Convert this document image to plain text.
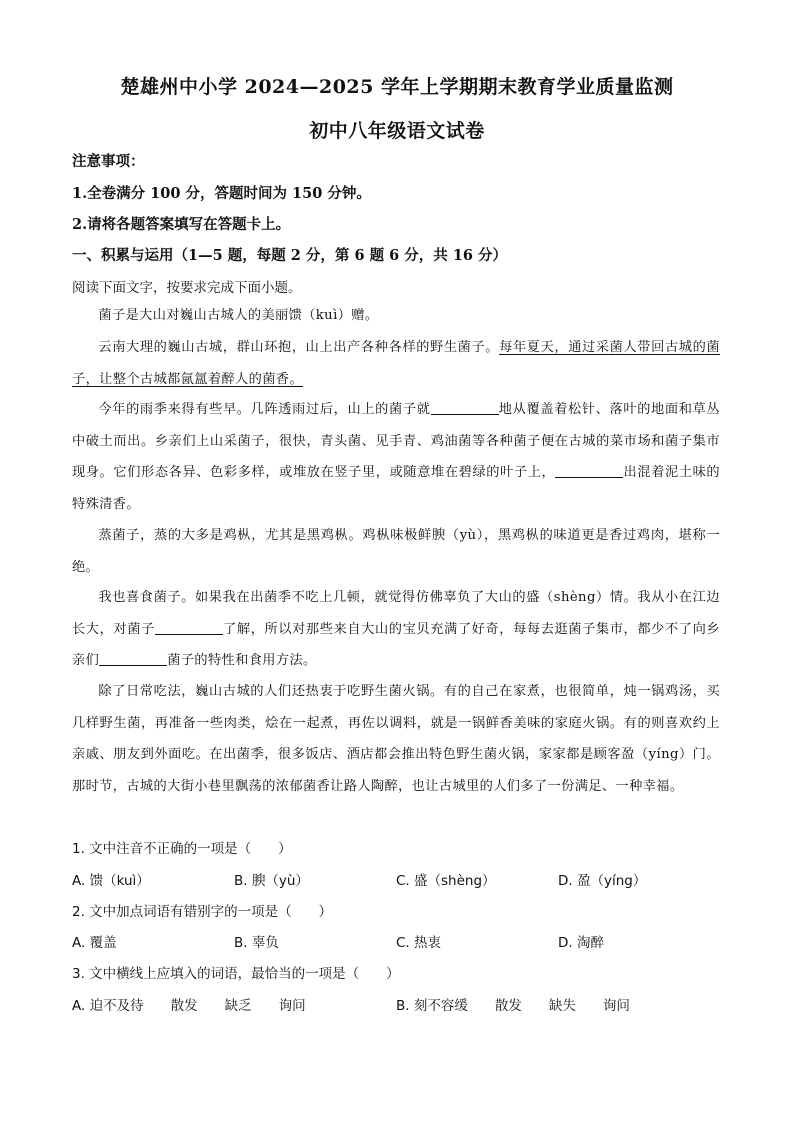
楚雄州中小学 2024—2025 学年上学期期末教育学业质量监测
初中八年级语文试卷
注意事项：
1.全卷满分 100 分，答题时间为 150 分钟。
2.请将各题答案填写在答题卡上。
一、积累与运用（1—5 题，每题 2 分，第 6 题 6 分，共 16 分）
阅读下面文字，按要求完成下面小题。
菌子是大山对巍山古城人的美丽馈（kuì）赠。
云南大理的巍山古城，群山环抱，山上出产各种各样的野生菌子。每年夏天，通过采菌人带回古城的菌子，让整个古城都氤氲着醉人的菌香。
今年的雨季来得有些早。几阵透雨过后，山上的菌子就	地从覆盖着松针、落叶的地面和草丛中破土而出。乡亲们上山采菌子，很快，青头菌、见手青、鸡油菌等各种菌子便在古城的菜市场和菌子集市现身。它们形态各异、色彩多样，或堆放在竖子里，或随意堆在碧绿的叶子上，	出混着泥土味的特殊清香。
蒸菌子，蒸的大多是鸡枞，尤其是黑鸡枞。鸡枞味极鲜腴（yù），黑鸡枞的味道更是香过鸡肉，堪称一绝。
我也喜食菌子。如果我在出菌季不吃上几顿，就觉得仿佛辜负了大山的盛（shèng）情。我从小在江边长大，对菌子	了解，所以对那些来自大山的宝贝充满了好奇，每每去逛菌子集市，都少不了向乡亲们	菌子的特性和食用方法。
除了日常吃法，巍山古城的人们还热衷于吃野生菌火锅。有的自己在家煮，也很简单，炖一锅鸡汤，买几样野生菌，再准备一些肉类，烩在一起煮，再佐以调料，就是一锅鲜香美味的家庭火锅。有的则喜欢约上亲戚、朋友到外面吃。在出菌季，很多饭店、酒店都会推出特色野生菌火锅，家家都是顾客盈（yíng）门。那时节，古城的大街小巷里飘荡的浓郁菌香让路人陶醉，也让古城里的人们多了一份满足、一种幸福。
1. 文中注音不正确的一项是（　　）
A. 馈（kuì）	B. 腴（yù）	C. 盛（shèng）	D. 盈（yíng）
2. 文中加点词语有错别字的一项是（　　）
A. 覆盖	B. 辜负	C. 热衷	D. 淘醉
3. 文中横线上应填入的词语，最恰当的一项是（　　）
A. 迫不及待　　散发　　缺乏　　询问	B. 刻不容缓　　散发　　缺失　　询问
